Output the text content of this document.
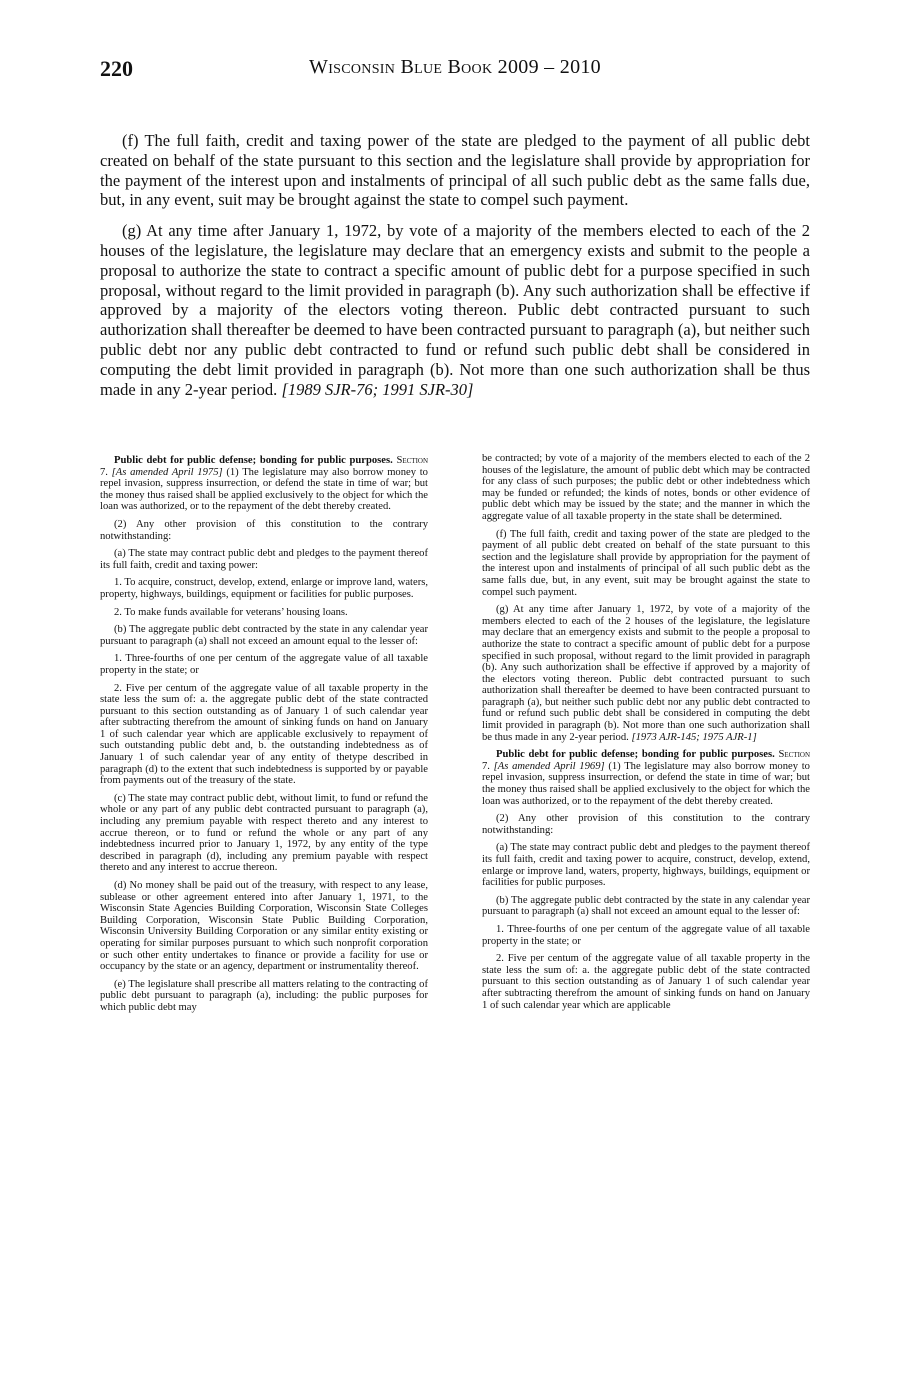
220	Wisconsin Blue Book 2009 – 2010

(f) The full faith, credit and taxing power of the state are pledged to the payment of all public debt created on behalf of the state pursuant to this section and the legislature shall provide by appropriation for the payment of the interest upon and instalments of principal of all such public debt as the same falls due, but, in any event, suit may be brought against the state to compel such payment.

(g) At any time after January 1, 1972, by vote of a majority of the members elected to each of the 2 houses of the legislature, the legislature may declare that an emergency exists and submit to the people a proposal to authorize the state to contract a specific amount of public debt for a purpose specified in such proposal, without regard to the limit provided in paragraph (b). Any such authorization shall be effective if approved by a majority of the electors voting thereon. Public debt contracted pursuant to such authorization shall thereafter be deemed to have been contracted pursuant to paragraph (a), but neither such public debt nor any public debt contracted to fund or refund such public debt shall be considered in computing the debt limit provided in paragraph (b). Not more than one such authorization shall be thus made in any 2-year period. [1989 SJR-76; 1991 SJR-30]

Public debt for public defense; bonding for public purposes. Section 7. [As amended April 1975] (1) The legislature may also borrow money to repel invasion, suppress insurrection, or defend the state in time of war; but the money thus raised shall be applied exclusively to the object for which the loan was authorized, or to the repayment of the debt thereby created.

(2) Any other provision of this constitution to the contrary notwithstanding:

(a) The state may contract public debt and pledges to the payment thereof its full faith, credit and taxing power:

1. To acquire, construct, develop, extend, enlarge or improve land, waters, property, highways, buildings, equipment or facilities for public purposes.

2. To make funds available for veterans’ housing loans.

(b) The aggregate public debt contracted by the state in any calendar year pursuant to paragraph (a) shall not exceed an amount equal to the lesser of:

1. Three-fourths of one per centum of the aggregate value of all taxable property in the state; or

2. Five per centum of the aggregate value of all taxable property in the state less the sum of: a. the aggregate public debt of the state contracted pursuant to this section outstanding as of January 1 of such calendar year after subtracting therefrom the amount of sinking funds on hand on January 1 of such calendar year which are applicable exclusively to repayment of such outstanding public debt and, b. the outstanding indebtedness as of January 1 of such calendar year of any entity of thetype described in paragraph (d) to the extent that such indebtedness is supported by or payable from payments out of the treasury of the state.

(c) The state may contract public debt, without limit, to fund or refund the whole or any part of any public debt contracted pursuant to paragraph (a), including any premium payable with respect thereto and any interest to accrue thereon, or to fund or refund the whole or any part of any indebtedness incurred prior to January 1, 1972, by any entity of the type described in paragraph (d), including any premium payable with respect thereto and any interest to accrue thereon.

(d) No money shall be paid out of the treasury, with respect to any lease, sublease or other agreement entered into after January 1, 1971, to the Wisconsin State Agencies Building Corporation, Wisconsin State Colleges Building Corporation, Wisconsin State Public Building Corporation, Wisconsin University Building Corporation or any similar entity existing or operating for similar purposes pursuant to which such nonprofit corporation or such other entity undertakes to finance or provide a facility for use or occupancy by the state or an agency, department or instrumentality thereof.

(e) The legislature shall prescribe all matters relating to the contracting of public debt pursuant to paragraph (a), including: the public purposes for which public debt may

be contracted; by vote of a majority of the members elected to each of the 2 houses of the legislature, the amount of public debt which may be contracted for any class of such purposes; the public debt or other indebtedness which may be funded or refunded; the kinds of notes, bonds or other evidence of public debt which may be issued by the state; and the manner in which the aggregate value of all taxable property in the state shall be determined.

(f) The full faith, credit and taxing power of the state are pledged to the payment of all public debt created on behalf of the state pursuant to this section and the legislature shall provide by appropriation for the payment of the interest upon and instalments of principal of all such public debt as the same falls due, but, in any event, suit may be brought against the state to compel such payment.

(g) At any time after January 1, 1972, by vote of a majority of the members elected to each of the 2 houses of the legislature, the legislature may declare that an emergency exists and submit to the people a proposal to authorize the state to contract a specific amount of public debt for a purpose specified in such proposal, without regard to the limit provided in paragraph (b). Any such authorization shall be effective if approved by a majority of the electors voting thereon. Public debt contracted pursuant to such authorization shall thereafter be deemed to have been contracted pursuant to paragraph (a), but neither such public debt nor any public debt contracted to fund or refund such public debt shall be considered in computing the debt limit provided in paragraph (b). Not more than one such authorization shall be thus made in any 2-year period. [1973 AJR-145; 1975 AJR-1]

Public debt for public defense; bonding for public purposes. Section 7. [As amended April 1969] (1) The legislature may also borrow money to repel invasion, suppress insurrection, or defend the state in time of war; but the money thus raised shall be applied exclusively to the object for which the loan was authorized, or to the repayment of the debt thereby created.

(2) Any other provision of this constitution to the contrary notwithstanding:

(a) The state may contract public debt and pledges to the payment thereof its full faith, credit and taxing power to acquire, construct, develop, extend, enlarge or improve land, waters, property, highways, buildings, equipment or facilities for public purposes.

(b) The aggregate public debt contracted by the state in any calendar year pursuant to paragraph (a) shall not exceed an amount equal to the lesser of:

1. Three-fourths of one per centum of the aggregate value of all taxable property in the state; or

2. Five per centum of the aggregate value of all taxable property in the state less the sum of: a. the aggregate public debt of the state contracted pursuant to this section outstanding as of January 1 of such calendar year after subtracting therefrom the amount of sinking funds on hand on January 1 of such calendar year which are applicable
